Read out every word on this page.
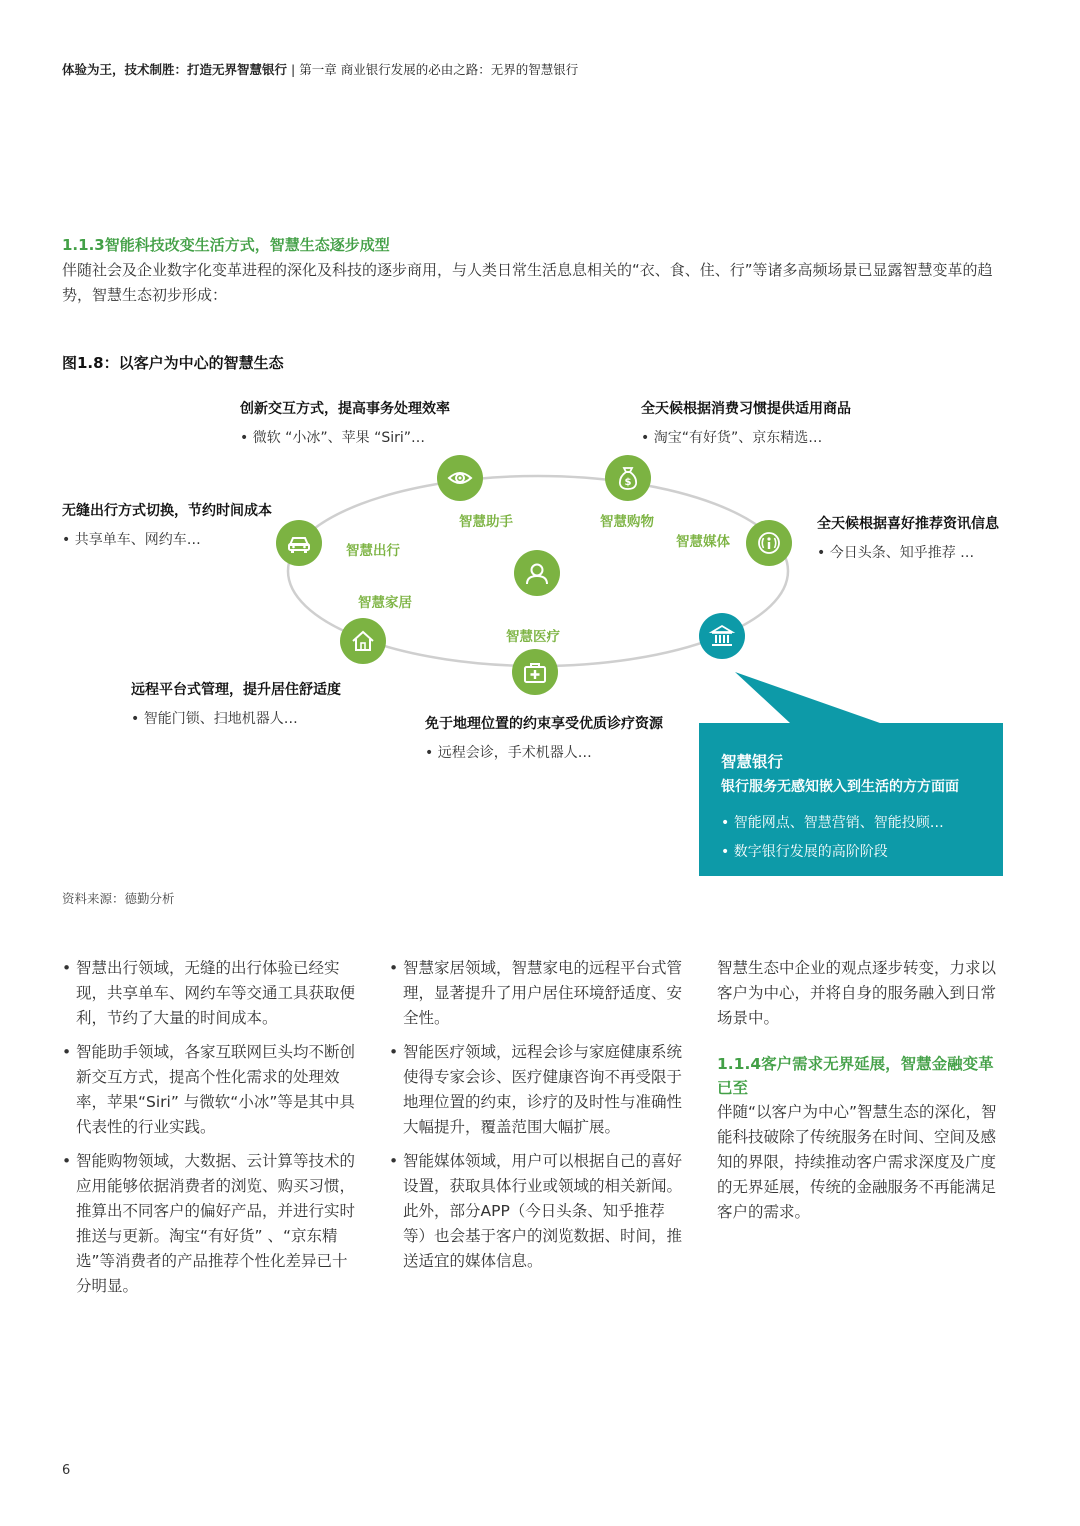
体验为王，技术制胜：打造无界智慧银行 | 第一章 商业银行发展的必由之路：无界的智慧银行
1.1.3智能科技改变生活方式，智慧生态逐步成型
伴随社会及企业数字化变革进程的深化及科技的逐步商用，与人类日常生活息息相关的“衣、食、住、行”等诸多高频场景已显露智慧变革的趋势，智慧生态初步形成：
图1.8：以客户为中心的智慧生态
$
智慧助手	智慧购物
智慧出行
智慧媒体
智慧家居
智慧医疗
创新交互方式，提高事务处理效率
• 微软 “小冰”、苹果 “Siri”…
全天候根据消费习惯提供适用商品
• 淘宝“有好货”、京东精选…
无缝出行方式切换，节约时间成本
• 共享单车、网约车…
全天候根据喜好推荐资讯信息
• 今日头条、知乎推荐 …
远程平台式管理，提升居住舒适度
• 智能门锁、扫地机器人…	免于地理位置的约束享受优质诊疗资源
• 远程会诊，手术机器人…	智慧银行
银行服务无感知嵌入到生活的方方面面
• 智能网点、智慧营销、智能投顾…
• 数字银行发展的高阶阶段
资料来源：德勤分析
• 智慧出行领域，无缝的出行体验已经实现，共享单车、网约车等交通工具获取便利，节约了大量的时间成本。
• 智能助手领域，各家互联网巨头均不断创新交互方式，提高个性化需求的处理效率，苹果“Siri” 与微软“小冰”等是其中具代表性的行业实践。
• 智能购物领域，大数据、云计算等技术的应用能够依据消费者的浏览、购买习惯，推算出不同客户的偏好产品，并进行实时推送与更新。淘宝“有好货” 、“京东精选”等消费者的产品推荐个性化差异已十分明显。
• 智慧家居领域，智慧家电的远程平台式管理，显著提升了用户居住环境舒适度、安全性。
• 智能医疗领域，远程会诊与家庭健康系统使得专家会诊、医疗健康咨询不再受限于地理位置的约束，诊疗的及时性与准确性大幅提升，覆盖范围大幅扩展。
• 智能媒体领域，用户可以根据自己的喜好设置，获取具体行业或领域的相关新闻。此外，部分APP（今日头条、知乎推荐等）也会基于客户的浏览数据、时间，推送适宜的媒体信息。

智慧生态中企业的观点逐步转变，力求以客户为中心，并将自身的服务融入到日常场景中。

1.1.4客户需求无界延展，智慧金融变革已至

伴随“以客户为中心”智慧生态的深化，智能科技破除了传统服务在时间、空间及感知的界限，持续推动客户需求深度及广度的无界延展，传统的金融服务不再能满足客户的需求。

6
